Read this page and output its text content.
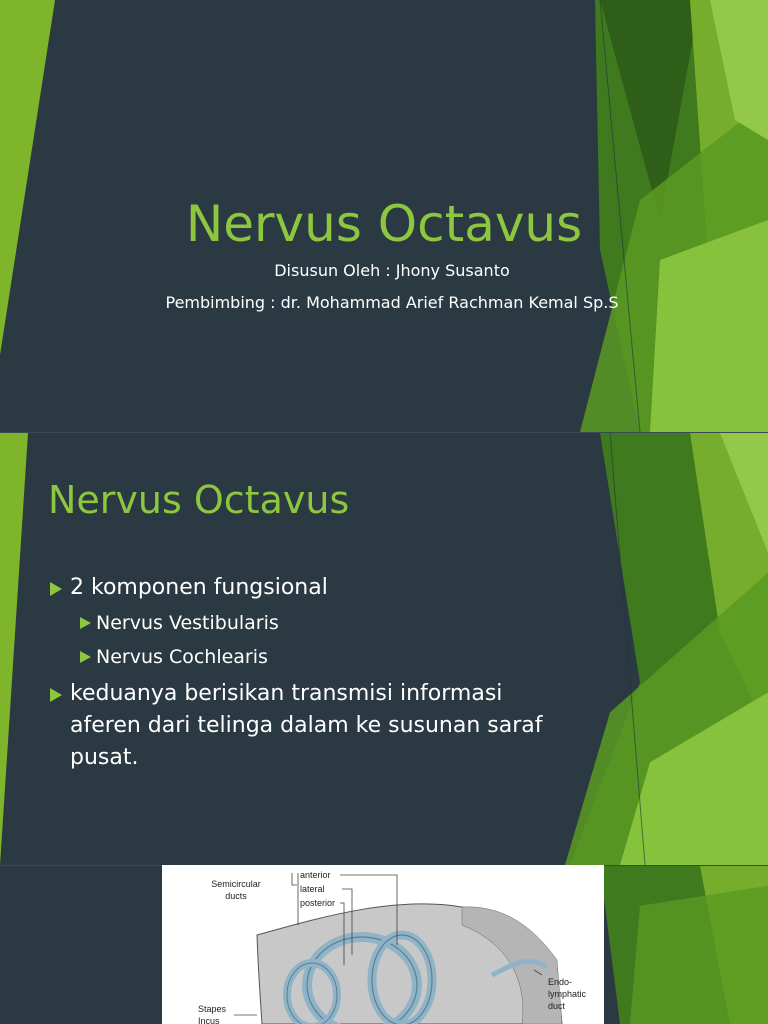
Nervus Octavus
Disusun Oleh : Jhony Susanto
Pembimbing : dr. Mohammad Arief Rachman Kemal Sp.S
Nervus Octavus
2 komponen fungsional
Nervus Vestibularis
Nervus Cochlearis
keduanya berisikan transmisi informasi aferen dari telinga dalam ke susunan saraf pusat.
Semicircular
ducts
anterior
lateral
posterior
Endo-
lymphatic
duct
Stapes
Incus
